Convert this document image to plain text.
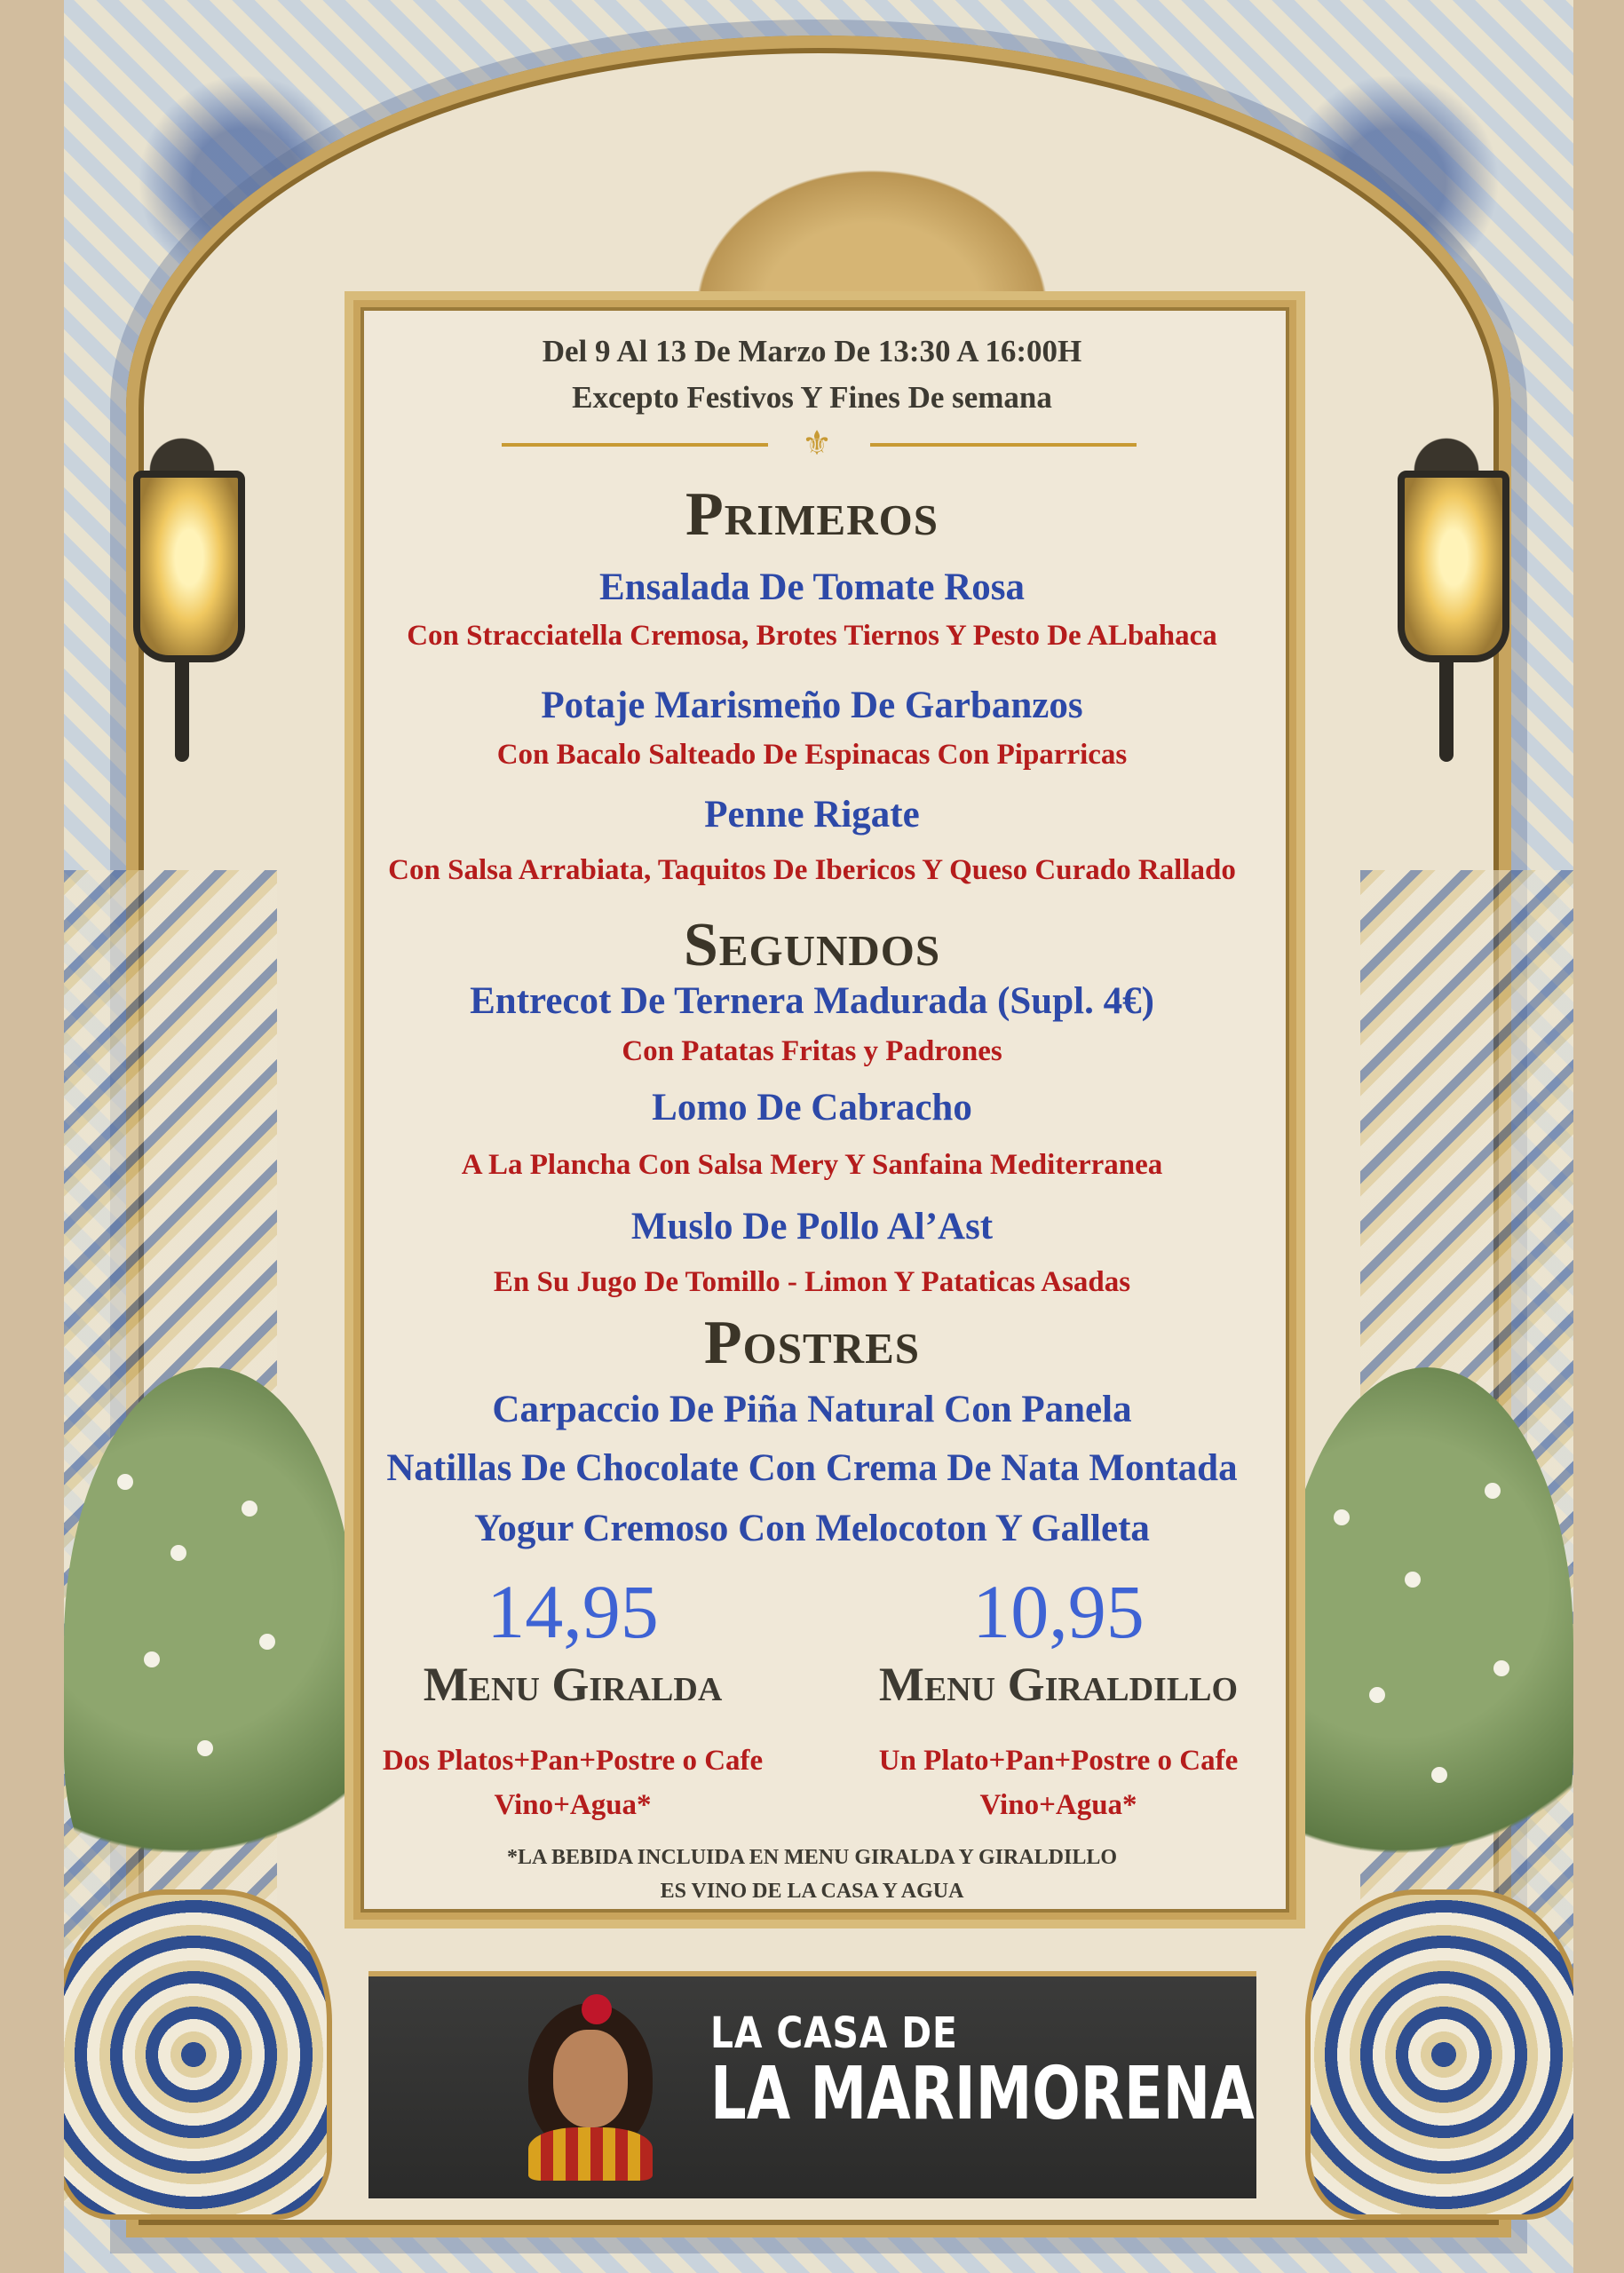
Del 9 Al 13 De Marzo De 13:30 A 16:00H
Excepto Festivos Y Fines De semana
⚜
Primeros
Ensalada De Tomate Rosa
Con Stracciatella Cremosa, Brotes Tiernos Y Pesto De ALbahaca
Potaje Marismeño De Garbanzos
Con Bacalo Salteado De Espinacas Con Piparricas
Penne Rigate
Con Salsa Arrabiata, Taquitos De Ibericos Y Queso Curado Rallado
Segundos
Entrecot De Ternera Madurada (Supl. 4€)
Con Patatas Fritas y Padrones
Lomo De Cabracho
A La Plancha Con Salsa Mery Y Sanfaina Mediterranea
Muslo De Pollo Al’Ast
En Su Jugo De Tomillo - Limon Y Pataticas Asadas
Postres
Carpaccio De Piña Natural Con Panela
Natillas De Chocolate Con Crema De Nata Montada
Yogur Cremoso Con Melocoton Y Galleta
14,95	10,95
Menu Giralda	Menu Giraldillo
Dos Platos+Pan+Postre o Cafe
Vino+Agua*
Un Plato+Pan+Postre o Cafe
Vino+Agua*
*LA BEBIDA INCLUIDA EN MENU GIRALDA Y GIRALDILLO
ES VINO DE LA CASA Y AGUA
LA CASA DE
LA MARIMORENA
